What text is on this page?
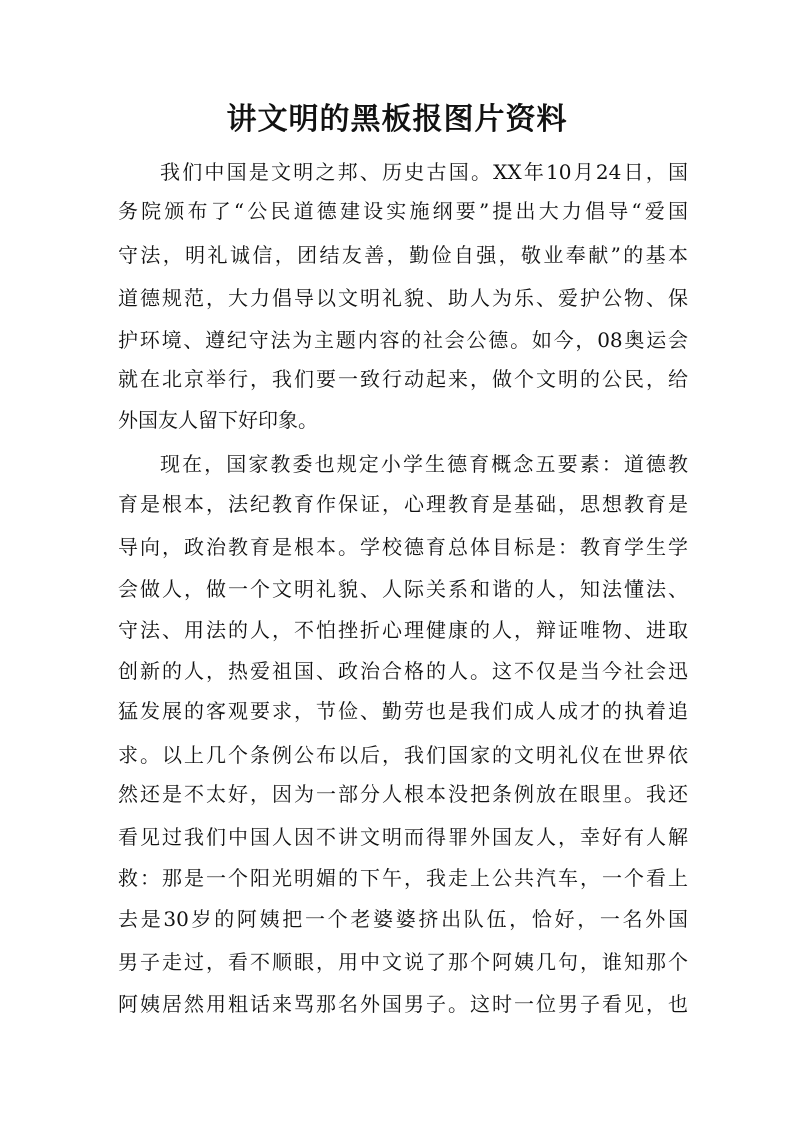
讲文明的黑板报图片资料
我们中国是文明之邦、历史古国。XX年10月24日，国
务院颁布了“公民道德建设实施纲要”提出大力倡导“爱国
守法，明礼诚信，团结友善，勤俭自强，敬业奉献”的基本
道德规范，大力倡导以文明礼貌、助人为乐、爱护公物、保
护环境、遵纪守法为主题内容的社会公德。如今，08奥运会
就在北京举行，我们要一致行动起来，做个文明的公民，给
外国友人留下好印象。
现在，国家教委也规定小学生德育概念五要素：道德教
育是根本，法纪教育作保证，心理教育是基础，思想教育是
导向，政治教育是根本。学校德育总体目标是：教育学生学
会做人，做一个文明礼貌、人际关系和谐的人，知法懂法、
守法、用法的人，不怕挫折心理健康的人，辩证唯物、进取
创新的人，热爱祖国、政治合格的人。这不仅是当今社会迅
猛发展的客观要求，节俭、勤劳也是我们成人成才的执着追
求。以上几个条例公布以后，我们国家的文明礼仪在世界依
然还是不太好，因为一部分人根本没把条例放在眼里。我还
看见过我们中国人因不讲文明而得罪外国友人，幸好有人解
救：那是一个阳光明媚的下午，我走上公共汽车，一个看上
去是30岁的阿姨把一个老婆婆挤出队伍，恰好，一名外国
男子走过，看不顺眼，用中文说了那个阿姨几句，谁知那个
阿姨居然用粗话来骂那名外国男子。这时一位男子看见，也
